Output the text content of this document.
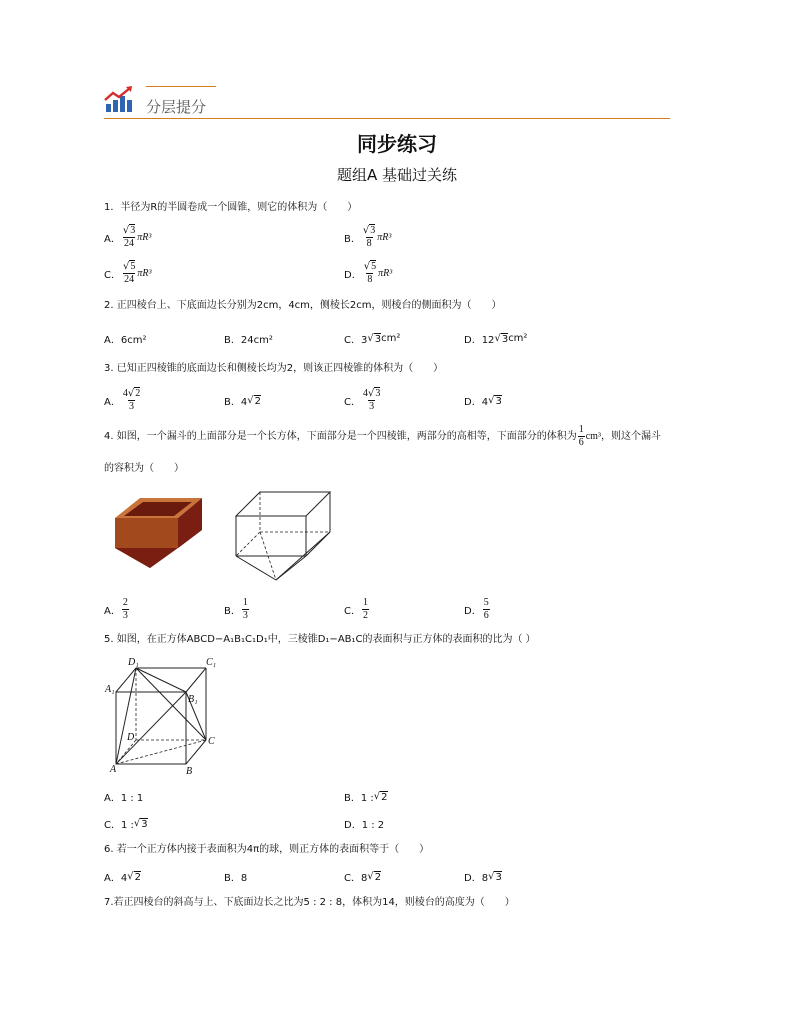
分层提分
同步练习
题组A 基础过关练
1．半径为R的半圆卷成一个圆锥，则它的体积为（　　）
A． $\frac{√3}{24} \pi R^3$	B． $\frac{√3}{8} \pi R^3$
C． $\frac{√5}{24} \pi R^3$	D． $\frac{√5}{8} \pi R^3$
2. 正四棱台上、下底面边长分别为2cm，4cm，侧棱长2cm，则棱台的侧面积为（　　）
A．6cm²	B．24cm²	C．3 √ 3 cm²	D．12 √ 3 cm²
3. 已知正四棱锥的底面边长和侧棱长均为2，则该正四棱锥的体积为（　　）
A． $\frac{4√2}{3}$	B．4 √ 2	C． $\frac{4√3}{3}$	D．4 √ 3
4. 如图，一个漏斗的上面部分是一个长方体，下面部分是一个四棱锥，两部分的高相等，下面部分的体积为 $\frac{1}{6} cm^3$ ，则这个漏斗
的容积为（　　）
A． $\frac{2}{3}$	B． $\frac{1}{3}$	C． $\frac{1}{2}$	D． $\frac{5}{6}$
5. 如图，在正方体ABCD−A₁B₁C₁D₁中，三棱锥D₁−AB₁C的表面积与正方体的表面积的比为（ ）
D₁	C₁
A₁
B₁
D	C
A	B
A．1 : 1	B．1 : √ 2
C．1 : √ 3	D．1 : 2
6. 若一个正方体内接于表面积为4π的球，则正方体的表面积等于（　　）
A．4 √ 2	B．8	C．8 √ 2	D．8 √ 3
7.若正四棱台的斜高与上、下底面边长之比为5 : 2 : 8，体积为14，则棱台的高度为（　　）
